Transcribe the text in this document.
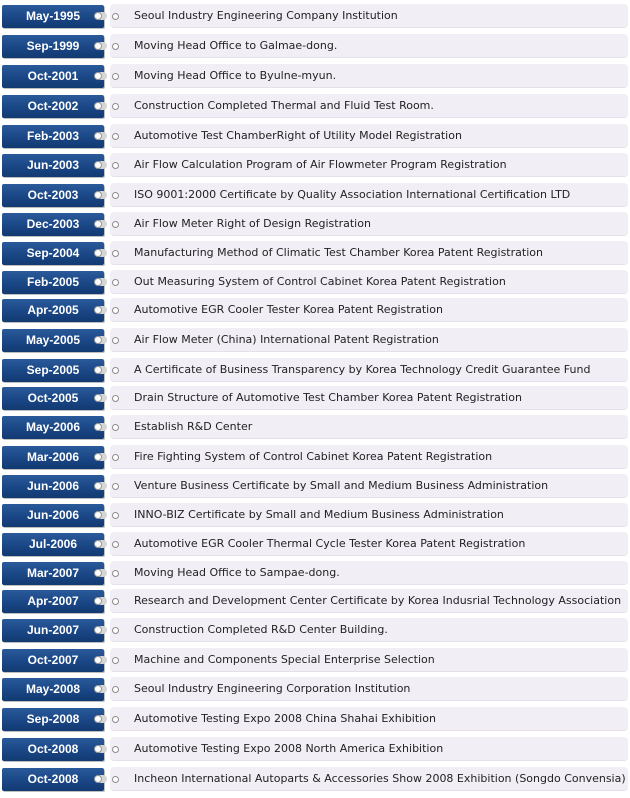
May-1995	Seoul Industry Engineering Company Institution
Sep-1999	Moving Head Office to Galmae-dong.
Oct-2001	Moving Head Office to Byulne-myun.
Oct-2002	Construction Completed Thermal and Fluid Test Room.
Feb-2003	Automotive Test ChamberRight of Utility Model Registration
Jun-2003	Air Flow Calculation Program of Air Flowmeter Program Registration
Oct-2003	ISO 9001:2000 Certificate by Quality Association International Certification LTD
Dec-2003	Air Flow Meter Right of Design Registration
Sep-2004	Manufacturing Method of Climatic Test Chamber Korea Patent Registration
Feb-2005	Out Measuring System of Control Cabinet Korea Patent Registration
Apr-2005	Automotive EGR Cooler Tester Korea Patent Registration
May-2005	Air Flow Meter (China) International Patent Registration
Sep-2005	A Certificate of Business Transparency by Korea Technology Credit Guarantee Fund
Oct-2005	Drain Structure of Automotive Test Chamber Korea Patent Registration
May-2006	Establish R&D Center
Mar-2006	Fire Fighting System of Control Cabinet Korea Patent Registration
Jun-2006	Venture Business Certificate by Small and Medium Business Administration
Jun-2006	INNO-BIZ Certificate by Small and Medium Business Administration
Jul-2006	Automotive EGR Cooler Thermal Cycle Tester Korea Patent Registration
Mar-2007	Moving Head Office to Sampae-dong.
Apr-2007	Research and Development Center Certificate by Korea Indusrial Technology Association
Jun-2007	Construction Completed R&D Center Building.
Oct-2007	Machine and Components Special Enterprise Selection
May-2008	Seoul Industry Engineering Corporation Institution
Sep-2008	Automotive Testing Expo 2008 China Shahai Exhibition
Oct-2008	Automotive Testing Expo 2008 North America Exhibition
Oct-2008	Incheon International Autoparts & Accessories Show 2008 Exhibition (Songdo Convensia)
